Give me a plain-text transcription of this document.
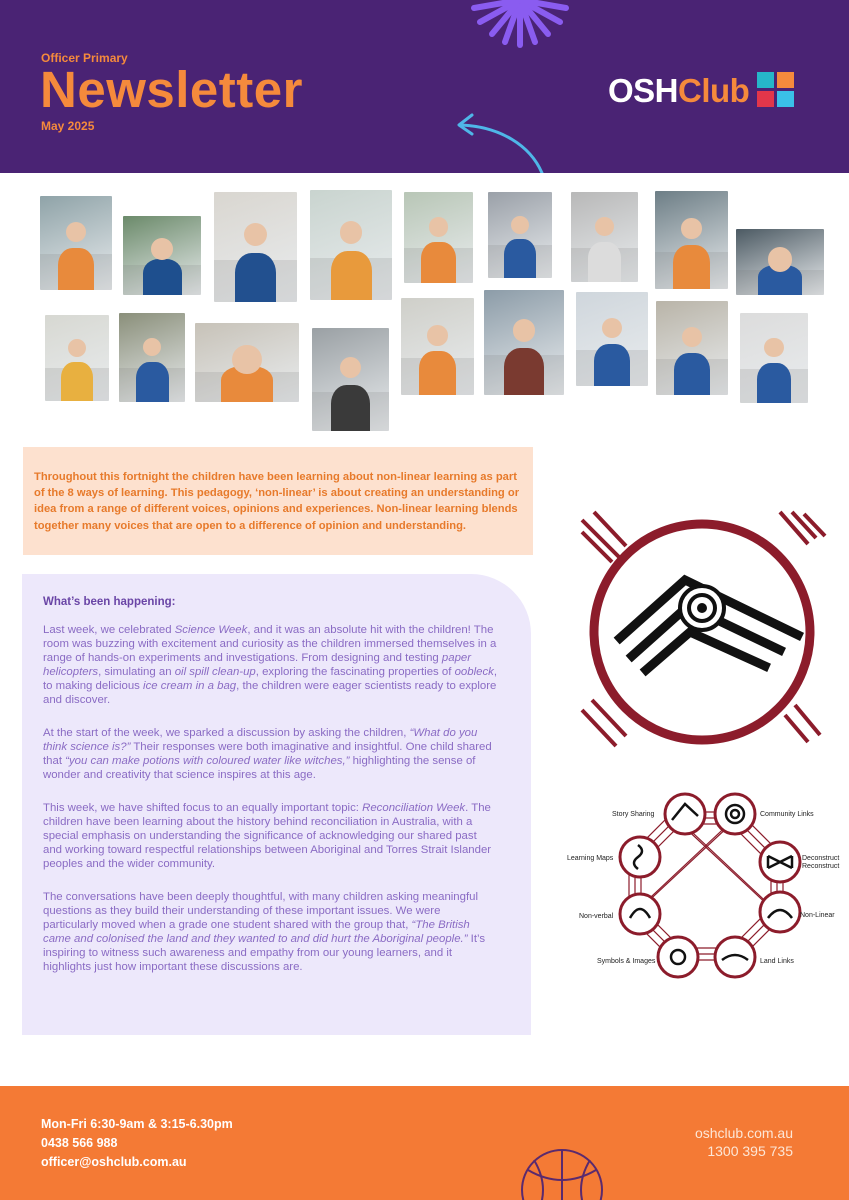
Officer Primary
Newsletter
May 2025
OSHClub

Throughout this fortnight the children have been learning about non-linear learning as part of the 8 ways of learning. This pedagogy, ‘non-linear’ is about creating an understanding or idea from a range of different voices, opinions and experiences. Non-linear learning blends together many voices that are open to a difference of opinion and understanding.

What’s been happening:

Last week, we celebrated Science Week, and it was an absolute hit with the children! The room was buzzing with excitement and curiosity as the children immersed themselves in a range of hands-on experiments and investigations. From designing and testing paper helicopters, simulating an oil spill clean-up, exploring the fascinating properties of oobleck, to making delicious ice cream in a bag, the children were eager scientists ready to explore and discover.

At the start of the week, we sparked a discussion by asking the children, “What do you think science is?” Their responses were both imaginative and insightful. One child shared that “you can make potions with coloured water like witches,” highlighting the sense of wonder and creativity that science inspires at this age.

This week, we have shifted focus to an equally important topic: Reconciliation Week. The children have been learning about the history behind reconciliation in Australia, with a special emphasis on understanding the significance of acknowledging our shared past and working toward respectful relationships between Aboriginal and Torres Strait Islander peoples and the wider community.

The conversations have been deeply thoughtful, with many children asking meaningful questions as they build their understanding of these important issues. We were particularly moved when a grade one student shared with the group that, “The British came and colonised the land and they wanted to and did hurt the Aboriginal people.” It’s inspiring to witness such awareness and empathy from our young learners, and it highlights just how important these discussions are.

Story Sharing	Community Links
Learning Maps	Deconstruct
Reconstruct
Non-verbal	Non-Linear
Symbols & Images	Land Links
Mon-Fri 6:30-9am & 3:15-6.30pm
0438 566 988
officer@oshclub.com.au
oshclub.com.au
1300 395 735
